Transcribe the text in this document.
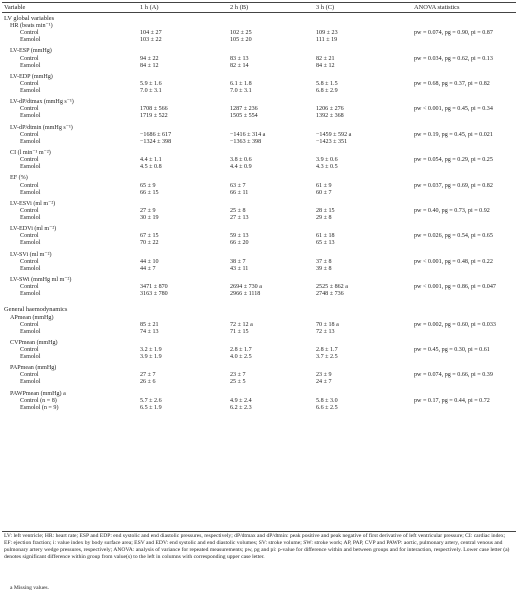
Variable	1 h (A)	2 h (B)	3 h (C)	ANOVA statistics
LV global variables
HR (beats min⁻¹)
Control	104 ± 27	102 ± 25	109 ± 23	pw = 0.074, pg = 0.90, pi = 0.87
Esmolol	103 ± 22	105 ± 20	111 ± 19
LV-ESP (mmHg)
Control	94 ± 22	83 ± 13	82 ± 21	pw = 0.034, pg = 0.62, pi = 0.13
Esmolol	84 ± 12	82 ± 14	84 ± 12
LV-EDP (mmHg)
Control	5.9 ± 1.6	6.1 ± 1.8	5.8 ± 1.5	pw = 0.68, pg = 0.37, pi = 0.82
Esmolol	7.0 ± 3.1	7.0 ± 3.1	6.8 ± 2.9
LV-dP/dtmax (mmHg s⁻¹)
Control	1708 ± 566	1287 ± 236	1206 ± 276	pw < 0.001, pg = 0.45, pi = 0.34
Esmolol	1719 ± 522	1505 ± 554	1392 ± 368
LV-dP/dtmin (mmHg s⁻¹)
Control	−1686 ± 617	−1416 ± 314 a	−1459 ± 592 a	pw = 0.19, pg = 0.45, pi = 0.021
Esmolol	−1324 ± 398	−1363 ± 398	−1423 ± 351
CI (l min⁻¹ m⁻²)
Control	4.4 ± 1.1	3.8 ± 0.6	3.9 ± 0.6	pw = 0.054, pg = 0.29, pi = 0.25
Esmolol	4.5 ± 0.8	4.4 ± 0.9	4.3 ± 0.5
EF (%)
Control	65 ± 9	63 ± 7	61 ± 9	pw = 0.037, pg = 0.69, pi = 0.82
Esmolol	66 ± 15	66 ± 11	60 ± 7
LV-ESVi (ml m⁻²)
Control	27 ± 9	25 ± 8	28 ± 15	pw = 0.40, pg = 0.73, pi = 0.92
Esmolol	30 ± 19	27 ± 13	29 ± 8
LV-EDVi (ml m⁻²)
Control	67 ± 15	59 ± 13	61 ± 18	pw = 0.026, pg = 0.54, pi = 0.65
Esmolol	70 ± 22	66 ± 20	65 ± 13
LV-SVi (ml m⁻²)
Control	44 ± 10	38 ± 7	37 ± 8	pw < 0.001, pg = 0.48, pi = 0.22
Esmolol	44 ± 7	43 ± 11	39 ± 8
LV-SWi (mmHg ml m⁻²)
Control	3471 ± 870	2694 ± 730 a	2525 ± 862 a	pw < 0.001, pg = 0.86, pi = 0.047
Esmolol	3163 ± 780	2966 ± 1118	2748 ± 736
General haemodynamics
APmean (mmHg)
Control	85 ± 21	72 ± 12 a	70 ± 18 a	pw = 0.002, pg = 0.60, pi = 0.033
Esmolol	74 ± 13	71 ± 15	72 ± 13
CVPmean (mmHg)
Control	3.2 ± 1.9	2.8 ± 1.7	2.8 ± 1.7	pw = 0.45, pg = 0.30, pi = 0.61
Esmolol	3.9 ± 1.9	4.0 ± 2.5	3.7 ± 2.5
PAPmean (mmHg)
Control	27 ± 7	23 ± 7	23 ± 9	pw = 0.074, pg = 0.66, pi = 0.39
Esmolol	26 ± 6	25 ± 5	24 ± 7
PAWPmean (mmHg) a
Control (n = 8)	5.7 ± 2.6	4.9 ± 2.4	5.8 ± 3.0	pw = 0.17, pg = 0.44, pi = 0.72
Esmolol (n = 9)	6.5 ± 1.9	6.2 ± 2.3	6.6 ± 2.5
LV: left ventricle; HR: heart rate; ESP and EDP: end systolic and end diastolic pressures, respectively; dP/dtmax and dP/dtmin: peak positive and peak negative of first derivative of left ventricular pressure; CI: cardiac index; EF: ejection fraction; i: value index by body surface area; ESV and EDV: end systolic and end diastolic volumes; SV: stroke volume; SW: stroke work; AP, PAP, CVP and PAWP: aortic, pulmonary artery, central venous and pulmonary artery wedge pressures, respectively; ANOVA: analysis of variance for repeated measurements; pw, pg and pi: p-value for difference within and between groups and for interaction, respectively. Lower case letter (a) denotes significant difference within group from value(s) to the left in columns with corresponding upper case letter.
a Missing values.
